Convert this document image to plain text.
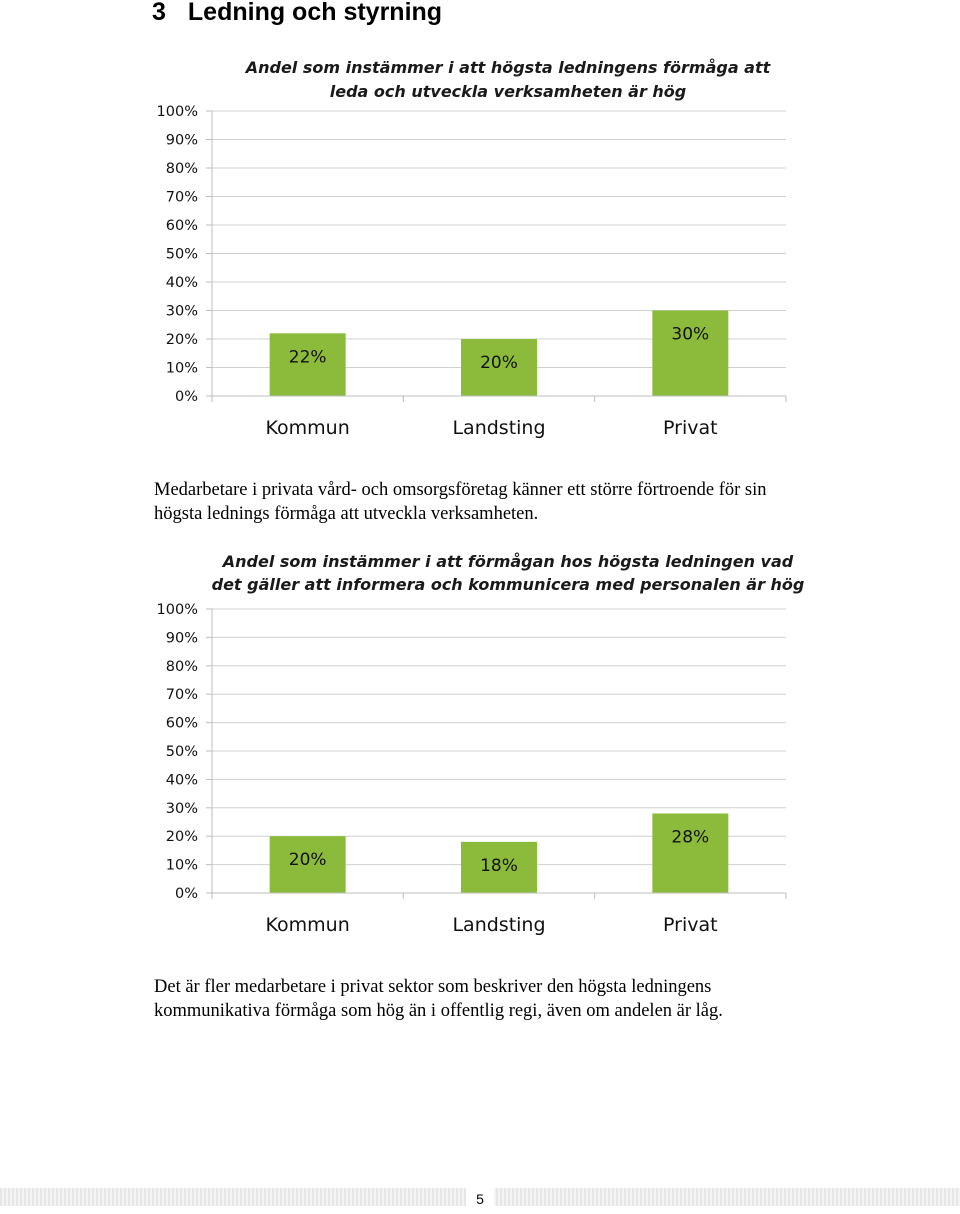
3 Ledning och styrning
Andel som instämmer i att högsta ledningens förmåga att
leda och utveckla verksamheten är hög
0%
10%
20%
30%
40%
50%
60%
70%
80%
90%
100%
22%	20%
30%
Kommun	Landsting	Privat

Medarbetare i privata vård- och omsorgsföretag känner ett större förtroende för sin högsta lednings förmåga att utveckla verksamheten.

Andel som instämmer i att förmågan hos högsta ledningen vad
det gäller att informera och kommunicera med personalen är hög
0%
10%
20%
30%
40%
50%
60%
70%
80%
90%
100%
20%	18%
28%
Kommun	Landsting	Privat

Det är fler medarbetare i privat sektor som beskriver den högsta ledningens kommunikativa förmåga som hög än i offentlig regi, även om andelen är låg.

5
